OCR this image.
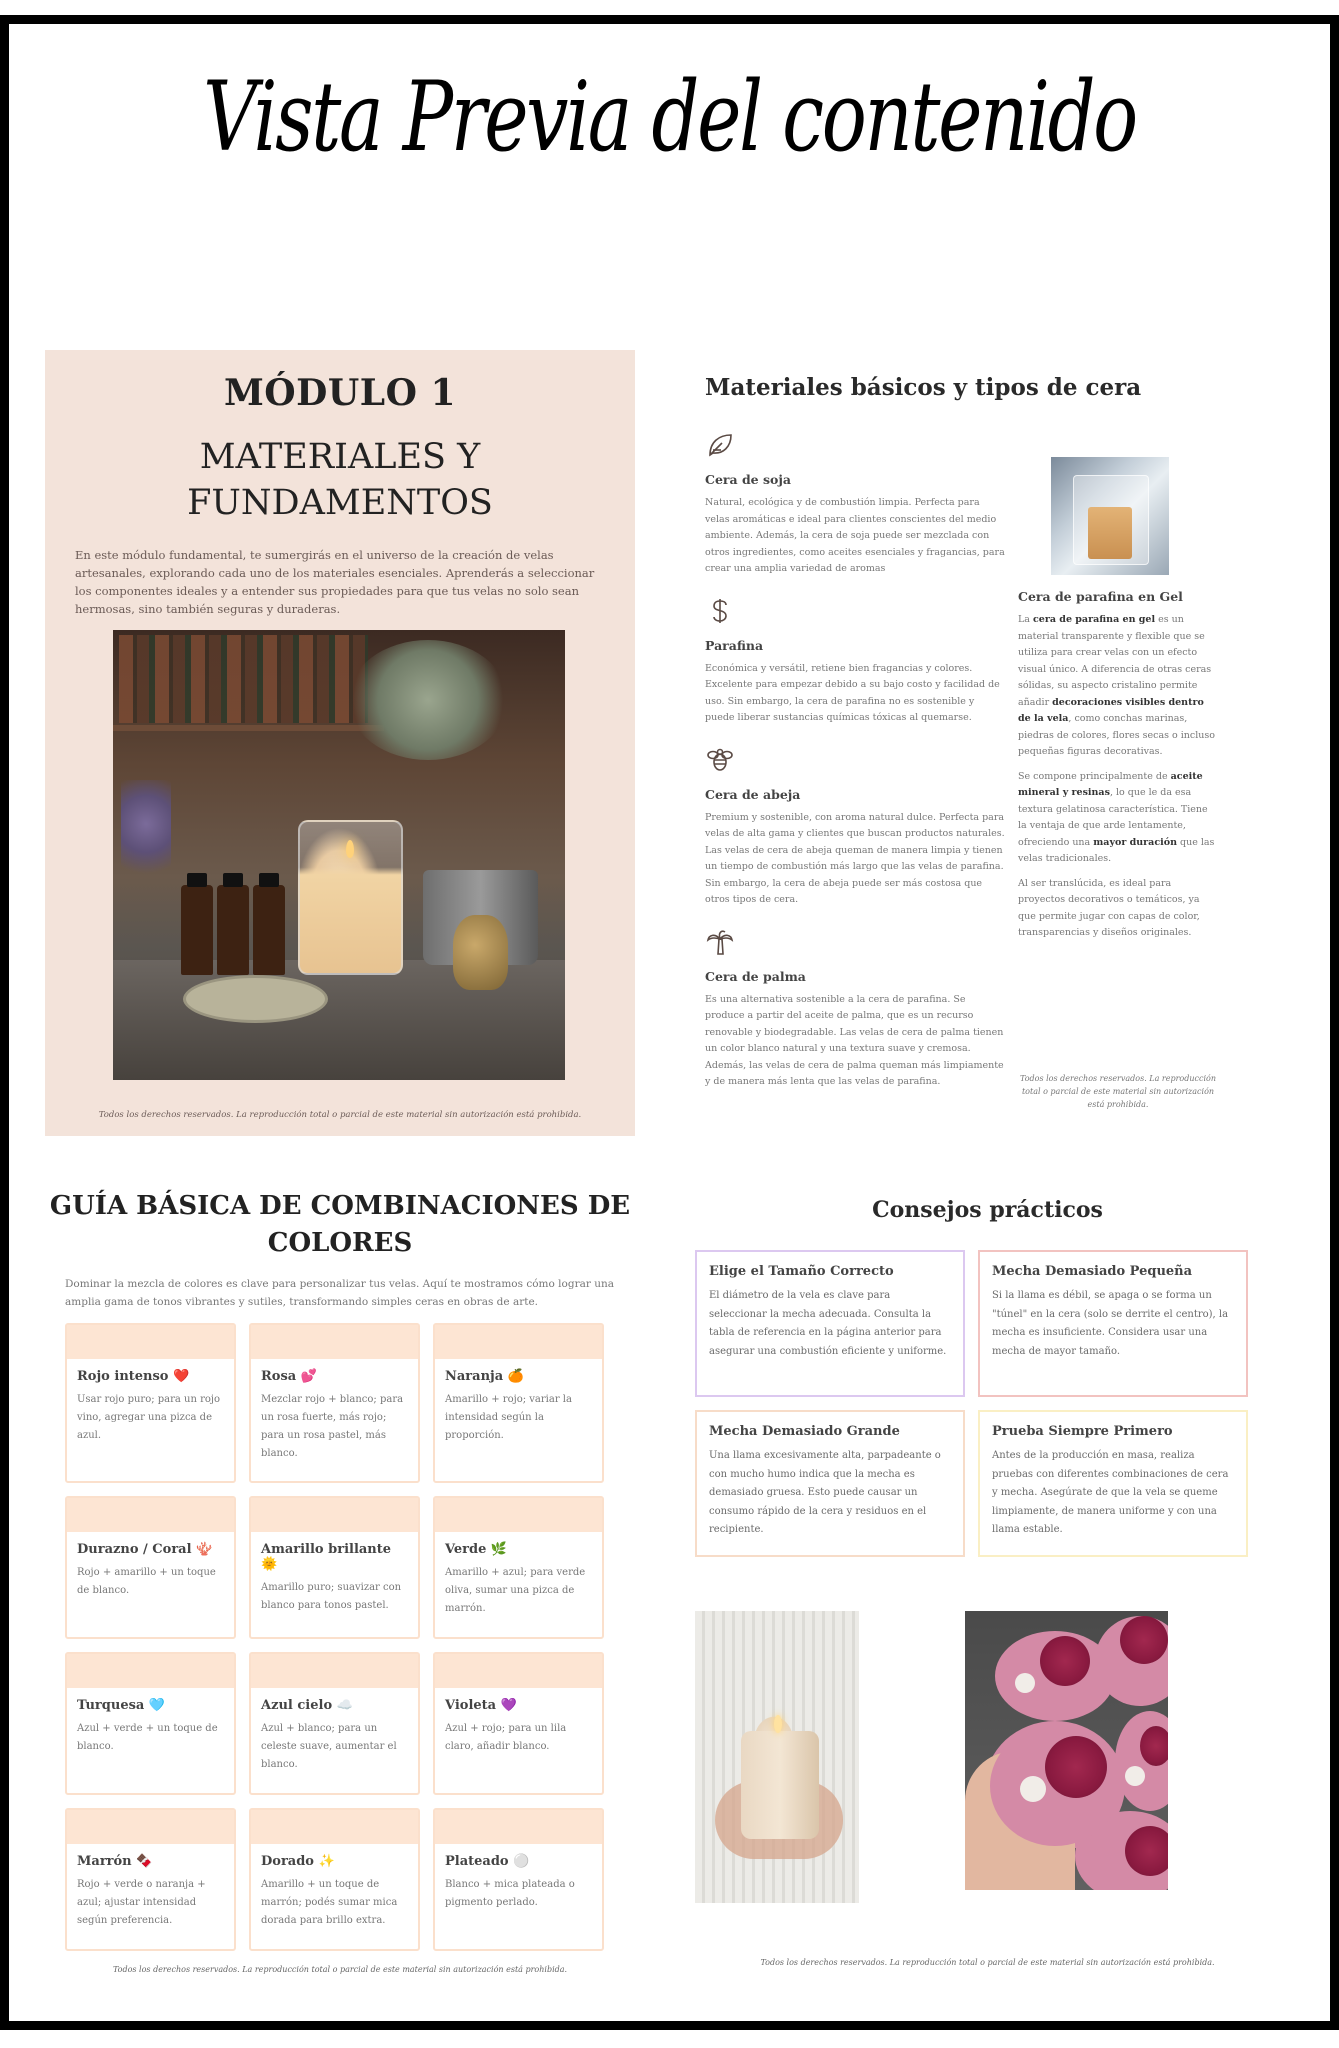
Vista Previa del contenido
MÓDULO 1
MATERIALES Y
FUNDAMENTOS

En este módulo fundamental, te sumergirás en el universo de la creación de velas artesanales, explorando cada uno de los materiales esenciales. Aprenderás a seleccionar los componentes ideales y a entender sus propiedades para que tus velas no solo sean hermosas, sino también seguras y duraderas.

Todos los derechos reservados. La reproducción total o parcial de este material sin autorización está prohibida.
Materiales básicos y tipos de cera
Cera de soja
Natural, ecológica y de combustión limpia. Perfecta para velas aromáticas e ideal para clientes conscientes del medio ambiente. Además, la cera de soja puede ser mezclada con otros ingredientes, como aceites esenciales y fragancias, para crear una amplia variedad de aromas
Parafina
Económica y versátil, retiene bien fragancias y colores. Excelente para empezar debido a su bajo costo y facilidad de uso. Sin embargo, la cera de parafina no es sostenible y puede liberar sustancias químicas tóxicas al quemarse.
Cera de abeja
Premium y sostenible, con aroma natural dulce. Perfecta para velas de alta gama y clientes que buscan productos naturales. Las velas de cera de abeja queman de manera limpia y tienen un tiempo de combustión más largo que las velas de parafina. Sin embargo, la cera de abeja puede ser más costosa que otros tipos de cera.
Cera de palma
Es una alternativa sostenible a la cera de parafina. Se produce a partir del aceite de palma, que es un recurso renovable y biodegradable. Las velas de cera de palma tienen un color blanco natural y una textura suave y cremosa. Además, las velas de cera de palma queman más limpiamente y de manera más lenta que las velas de parafina.
Cera de parafina en Gel

La cera de parafina en gel es un material transparente y flexible que se utiliza para crear velas con un efecto visual único. A diferencia de otras ceras sólidas, su aspecto cristalino permite añadir decoraciones visibles dentro de la vela, como conchas marinas, piedras de colores, flores secas o incluso pequeñas figuras decorativas.

Se compone principalmente de aceite mineral y resinas, lo que le da esa textura gelatinosa característica. Tiene la ventaja de que arde lentamente, ofreciendo una mayor duración que las velas tradicionales.

Al ser translúcida, es ideal para proyectos decorativos o temáticos, ya que permite jugar con capas de color, transparencias y diseños originales.

Todos los derechos reservados. La reproducción total o parcial de este material sin autorización está prohibida.
GUÍA BÁSICA DE COMBINACIONES DE COLORES

Dominar la mezcla de colores es clave para personalizar tus velas. Aquí te mostramos cómo lograr una amplia gama de tonos vibrantes y sutiles, transformando simples ceras en obras de arte.

Rojo intenso ❤️
Usar rojo puro; para un rojo vino, agregar una pizca de azul.
Rosa 💕
Mezclar rojo + blanco; para un rosa fuerte, más rojo; para un rosa pastel, más blanco.
Naranja 🍊
Amarillo + rojo; variar la intensidad según la proporción.
Durazno / Coral 🪸
Rojo + amarillo + un toque de blanco.
Amarillo brillante 🌞
Amarillo puro; suavizar con blanco para tonos pastel.
Verde 🌿
Amarillo + azul; para verde oliva, sumar una pizca de marrón.
Turquesa 🩵
Azul + verde + un toque de blanco.
Azul cielo ☁️
Azul + blanco; para un celeste suave, aumentar el blanco.
Violeta 💜
Azul + rojo; para un lila claro, añadir blanco.
Marrón 🍫
Rojo + verde o naranja + azul; ajustar intensidad según preferencia.
Dorado ✨
Amarillo + un toque de marrón; podés sumar mica dorada para brillo extra.
Plateado ⚪
Blanco + mica plateada o pigmento perlado.
Todos los derechos reservados. La reproducción total o parcial de este material sin autorización está prohibida.
Consejos prácticos
Elige el Tamaño Correcto
El diámetro de la vela es clave para seleccionar la mecha adecuada. Consulta la tabla de referencia en la página anterior para asegurar una combustión eficiente y uniforme.
Mecha Demasiado Pequeña
Si la llama es débil, se apaga o se forma un "túnel" en la cera (solo se derrite el centro), la mecha es insuficiente. Considera usar una mecha de mayor tamaño.
Mecha Demasiado Grande
Una llama excesivamente alta, parpadeante o con mucho humo indica que la mecha es demasiado gruesa. Esto puede causar un consumo rápido de la cera y residuos en el recipiente.
Prueba Siempre Primero
Antes de la producción en masa, realiza pruebas con diferentes combinaciones de cera y mecha. Asegúrate de que la vela se queme limpiamente, de manera uniforme y con una llama estable.
Todos los derechos reservados. La reproducción total o parcial de este material sin autorización está prohibida.
